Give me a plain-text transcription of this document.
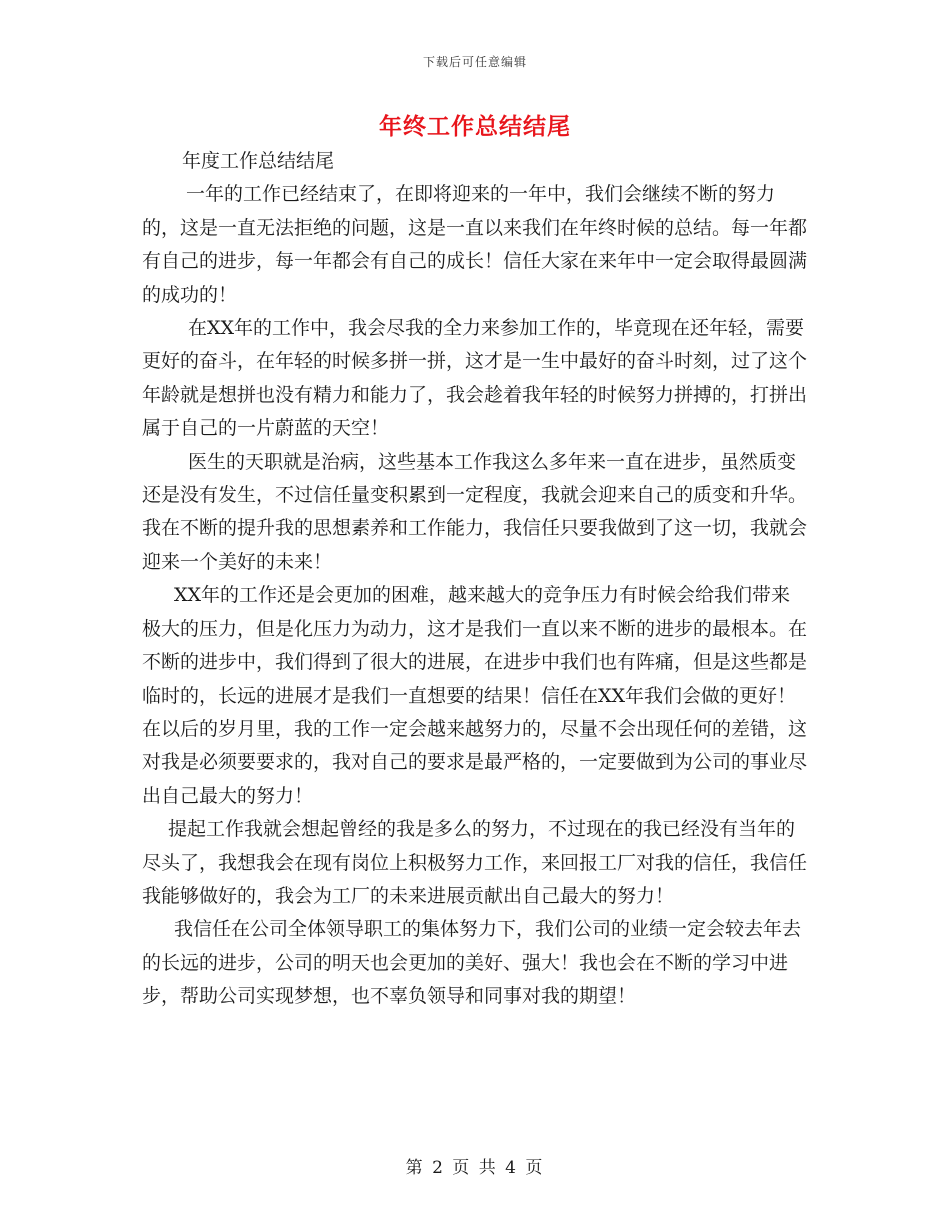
下载后可任意编辑
年终工作总结结尾

年度工作总结结尾

一年的工作已经结束了，在即将迎来的一年中，我们会继续不断的努力的，这是一直无法拒绝的问题，这是一直以来我们在年终时候的总结。每一年都有自己的进步，每一年都会有自己的成长！信任大家在来年中一定会取得最圆满的成功的！

在XX年的工作中，我会尽我的全力来参加工作的，毕竟现在还年轻，需要更好的奋斗，在年轻的时候多拼一拼，这才是一生中最好的奋斗时刻，过了这个年龄就是想拼也没有精力和能力了，我会趁着我年轻的时候努力拼搏的，打拼出属于自己的一片蔚蓝的天空！

医生的天职就是治病，这些基本工作我这么多年来一直在进步，虽然质变还是没有发生，不过信任量变积累到一定程度，我就会迎来自己的质变和升华。我在不断的提升我的思想素养和工作能力，我信任只要我做到了这一切，我就会迎来一个美好的未来！

XX年的工作还是会更加的困难，越来越大的竞争压力有时候会给我们带来极大的压力，但是化压力为动力，这才是我们一直以来不断的进步的最根本。在不断的进步中，我们得到了很大的进展，在进步中我们也有阵痛，但是这些都是临时的，长远的进展才是我们一直想要的结果！信任在XX年我们会做的更好！

在以后的岁月里，我的工作一定会越来越努力的，尽量不会出现任何的差错，这对我是必须要要求的，我对自己的要求是最严格的，一定要做到为公司的事业尽出自己最大的努力！

提起工作我就会想起曾经的我是多么的努力，不过现在的我已经没有当年的尽头了，我想我会在现有岗位上积极努力工作，来回报工厂对我的信任，我信任我能够做好的，我会为工厂的未来进展贡献出自己最大的努力！

我信任在公司全体领导职工的集体努力下，我们公司的业绩一定会较去年去的长远的进步，公司的明天也会更加的美好、强大！我也会在不断的学习中进步，帮助公司实现梦想，也不辜负领导和同事对我的期望！

第 2 页 共 4 页
